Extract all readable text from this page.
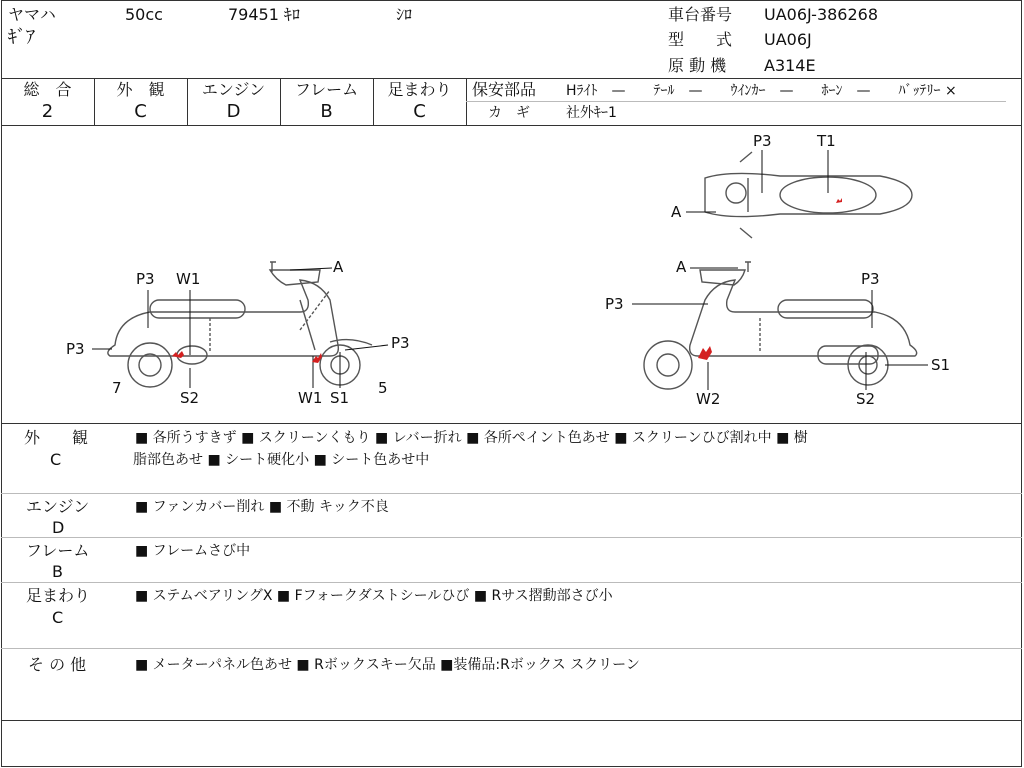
ヤマハ	50cc	79451 ｷﾛ	ｼﾛ
ｷﾞｱ
車台番号 UA06J-386268
型　　式 UA06J
原 動 機 A314E
総　合	外　観	エンジン	フレーム	足まわり
2	C	D	B	C
保安部品 Hﾗｲﾄ　—　　ﾃｰﾙ　—　　ｳｲﾝｶｰ　—　　ﾎｰﾝ　—　　ﾊﾞｯﾃﾘｰ ×
カ　ギ	社外ｷｰ1
P3 W1
A
P3	P3
7
S2	W1 S1
5
A
P3
P3
S1
W2	S2
P3	T1
A
外　　観
C
■ 各所うすきず ■ スクリーンくもり ■ レバー折れ ■ 各所ペイント色あせ ■ スクリーンひび割れ中 ■ 樹
脂部色あせ ■ シート硬化小 ■ シート色あせ中
エンジン
D
■ ファンカバー削れ ■ 不動 キック不良
フレーム
B
■ フレームさび中
足まわり
C
■ ステムベアリングX ■ Fフォークダストシールひび ■ Rサス摺動部さび小
そ の 他	■ メーターパネル色あせ ■ Rボックスキー欠品 ■装備品:Rボックス スクリーン
